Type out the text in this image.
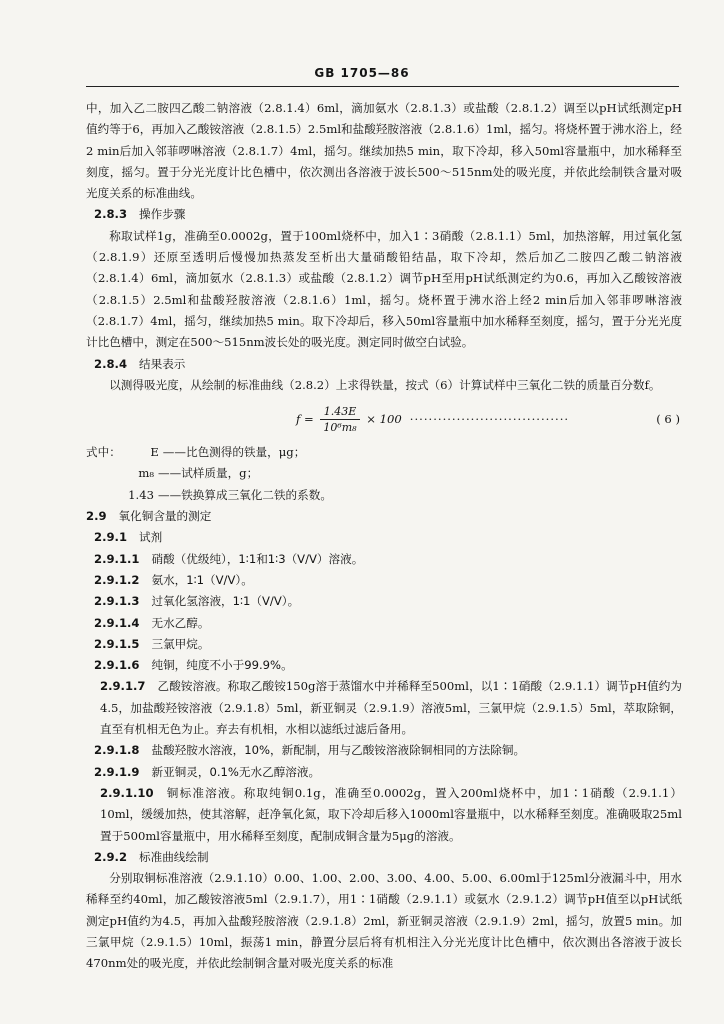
GB 1705—86

中，加入乙二胺四乙酸二钠溶液（2.8.1.4）6ml，滴加氨水（2.8.1.3）或盐酸（2.8.1.2）调至以pH试纸测定pH值约等于6，再加入乙酸铵溶液（2.8.1.5）2.5ml和盐酸羟胺溶液（2.8.1.6）1ml，摇匀。将烧杯置于沸水浴上，经2 min后加入邻菲啰啉溶液（2.8.1.7）4ml，摇匀。继续加热5 min，取下冷却，移入50ml容量瓶中，加水稀释至刻度，摇匀。置于分光光度计比色槽中，依次测出各溶液于波长500～515nm处的吸光度，并依此绘制铁含量对吸光度关系的标准曲线。

2.8.3 操作步骤

称取试样1g，准确至0.0002g，置于100ml烧杯中，加入1∶3硝酸（2.8.1.1）5ml，加热溶解，用过氧化氢（2.8.1.9）还原至透明后慢慢加热蒸发至析出大量硝酸铅结晶，取下冷却，然后加乙二胺四乙酸二钠溶液（2.8.1.4）6ml，滴加氨水（2.8.1.3）或盐酸（2.8.1.2）调节pH至用pH试纸测定约为0.6，再加入乙酸铵溶液（2.8.1.5）2.5ml和盐酸羟胺溶液（2.8.1.6）1ml，摇匀。烧杯置于沸水浴上经2 min后加入邻菲啰啉溶液（2.8.1.7）4ml，摇匀，继续加热5 min。取下冷却后，移入50ml容量瓶中加水稀释至刻度，摇匀，置于分光光度计比色槽中，测定在500～515nm波长处的吸光度。测定同时做空白试验。

2.8.4 结果表示

以测得吸光度，从绘制的标准曲线（2.8.2）上求得铁量，按式（6）计算试样中三氧化二铁的质量百分数f。

$f = \frac{1.43E}{\text{10⁶m₈}} \times 100$ ··································	( 6 )
式中：	E —— 比色测得的铁量，μg；
m₈ —— 试样质量，g；
1.43 —— 铁换算成三氧化二铁的系数。
2.9 氧化铜含量的测定
2.9.1 试剂
2.9.1.1 硝酸（优级纯），1∶1和1∶3（V/V）溶液。
2.9.1.2 氨水，1∶1（V/V）。
2.9.1.3 过氧化氢溶液，1∶1（V/V）。
2.9.1.4 无水乙醇。
2.9.1.5 三氯甲烷。
2.9.1.6 纯铜，纯度不小于99.9%。

2.9.1.7 乙酸铵溶液。称取乙酸铵150g溶于蒸馏水中并稀释至500ml，以1∶1硝酸（2.9.1.1）调节pH值约为4.5，加盐酸羟铵溶液（2.9.1.8）5ml，新亚铜灵（2.9.1.9）溶液5ml，三氯甲烷（2.9.1.5）5ml，萃取除铜，直至有机相无色为止。弃去有机相，水相以滤纸过滤后备用。

2.9.1.8 盐酸羟胺水溶液，10%，新配制，用与乙酸铵溶液除铜相同的方法除铜。
2.9.1.9 新亚铜灵，0.1%无水乙醇溶液。

2.9.1.10 铜标准溶液。称取纯铜0.1g，准确至0.0002g，置入200ml烧杯中，加1∶1硝酸（2.9.1.1）10ml，缓缓加热，使其溶解，赶净氧化氮，取下冷却后移入1000ml容量瓶中，以水稀释至刻度。准确吸取25ml置于500ml容量瓶中，用水稀释至刻度，配制成铜含量为5μg的溶液。

2.9.2 标准曲线绘制

分别取铜标准溶液（2.9.1.10）0.00、1.00、2.00、3.00、4.00、5.00、6.00ml于125ml分液漏斗中，用水稀释至约40ml，加乙酸铵溶液5ml（2.9.1.7），用1∶1硝酸（2.9.1.1）或氨水（2.9.1.2）调节pH值至以pH试纸测定pH值约为4.5，再加入盐酸羟胺溶液（2.9.1.8）2ml，新亚铜灵溶液（2.9.1.9）2ml，摇匀，放置5 min。加三氯甲烷（2.9.1.5）10ml，振荡1 min，静置分层后将有机相注入分光光度计比色槽中，依次测出各溶液于波长470nm处的吸光度，并依此绘制铜含量对吸光度关系的标准
